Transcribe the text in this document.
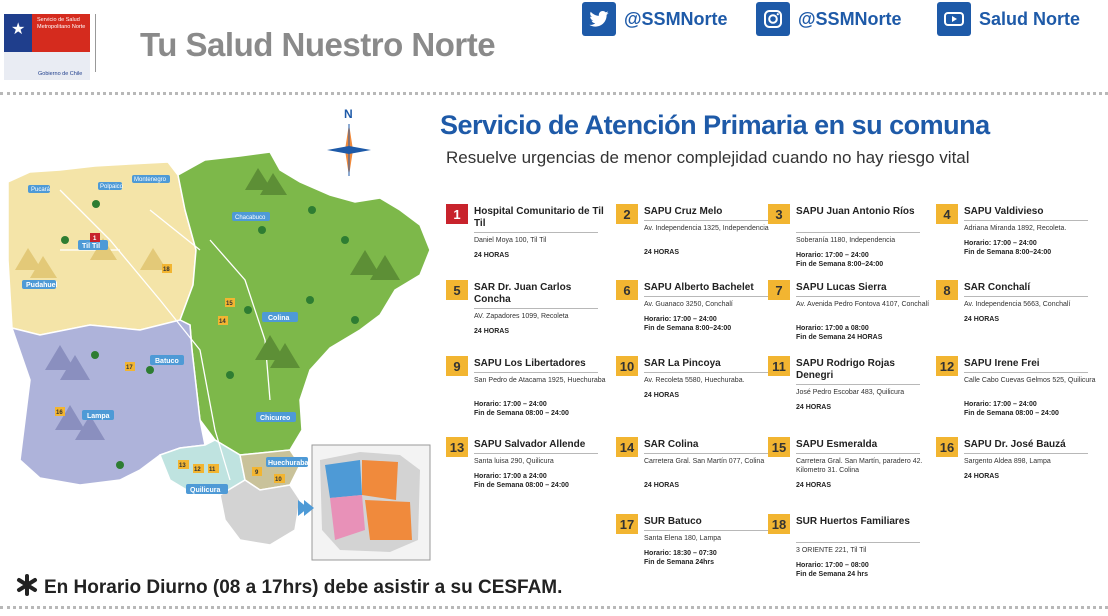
★
Servicio de Salud Metropolitano Norte
Gobierno de Chile
Tu Salud Nuestro Norte
@SSMNorte	@SSMNorte	Salud Norte
Til Til
Colina
Lampa
Batuco
Chicureo
Quilicura
Huechuraba
Pudahuel
Chacabuco
Montenegro
Pucará	Polpaico
1
18
15
14
17
16
13
12 11	9
10
N	Servicio de Atención Primaria en su comuna
Resuelve urgencias de menor complejidad cuando no hay riesgo vital
1	Hospital Comunitario de Til Til
Daniel Moya 100, Til Til
24 HORAS
2	SAPU Cruz Melo
Av. Independencia 1325, Independencia
24 HORAS
3	SAPU Juan Antonio Ríos
Soberanía 1180, Independencia
Horario: 17:00 – 24:00
Fin de Semana 8:00–24:00
4	SAPU Valdivieso
Adriana Miranda 1892, Recoleta.
Horario: 17:00 – 24:00
Fin de Semana 8:00–24:00
5	SAR Dr. Juan Carlos Concha
AV. Zapadores 1099, Recoleta
24 HORAS
6	SAPU Alberto Bachelet
Av. Guanaco 3250, Conchalí
Horario: 17:00 – 24:00
Fin de Semana 8:00–24:00
7	SAPU Lucas Sierra
Av. Avenida Pedro Fontova 4107, Conchalí
Horario: 17:00 a 08:00
Fin de Semana 24 HORAS
8	SAR Conchalí
Av. Independencia 5663, Conchalí
24 HORAS
9	SAPU Los Libertadores
San Pedro de Atacama 1925, Huechuraba
Horario: 17:00 – 24:00
Fin de Semana 08:00 – 24:00
10 SAR La Pincoya
Av. Recoleta 5580, Huechuraba.
24 HORAS
11	SAPU Rodrigo Rojas Denegri
José Pedro Escobar 483, Quilicura
24 HORAS
12 SAPU Irene Frei
Calle Cabo Cuevas Gelmos 525, Quilicura
Horario: 17:00 – 24:00
Fin de Semana 08:00 – 24:00
13 SAPU Salvador Allende
Santa luisa 290, Quilicura
Horario: 17:00 a 24:00
Fin de Semana 08:00 – 24:00
14 SAR Colina
Carretera Gral. San Martín 077, Colina
24 HORAS
15 SAPU Esmeralda
Carretera Gral. San Martín, paradero 42. Kilometro 31. Colina
24 HORAS
16 SAPU Dr. José Bauzá
Sargento Aldea 898, Lampa
24 HORAS
17 SUR Batuco
Santa Elena 180, Lampa
Horario: 18:30 – 07:30
Fin de Semana 24hrs
18 SUR Huertos Familiares
3 ORIENTE 221, Til Til
Horario: 17:00 – 08:00
Fin de Semana 24 hrs
En Horario Diurno (08 a 17hrs) debe asistir a su CESFAM.
